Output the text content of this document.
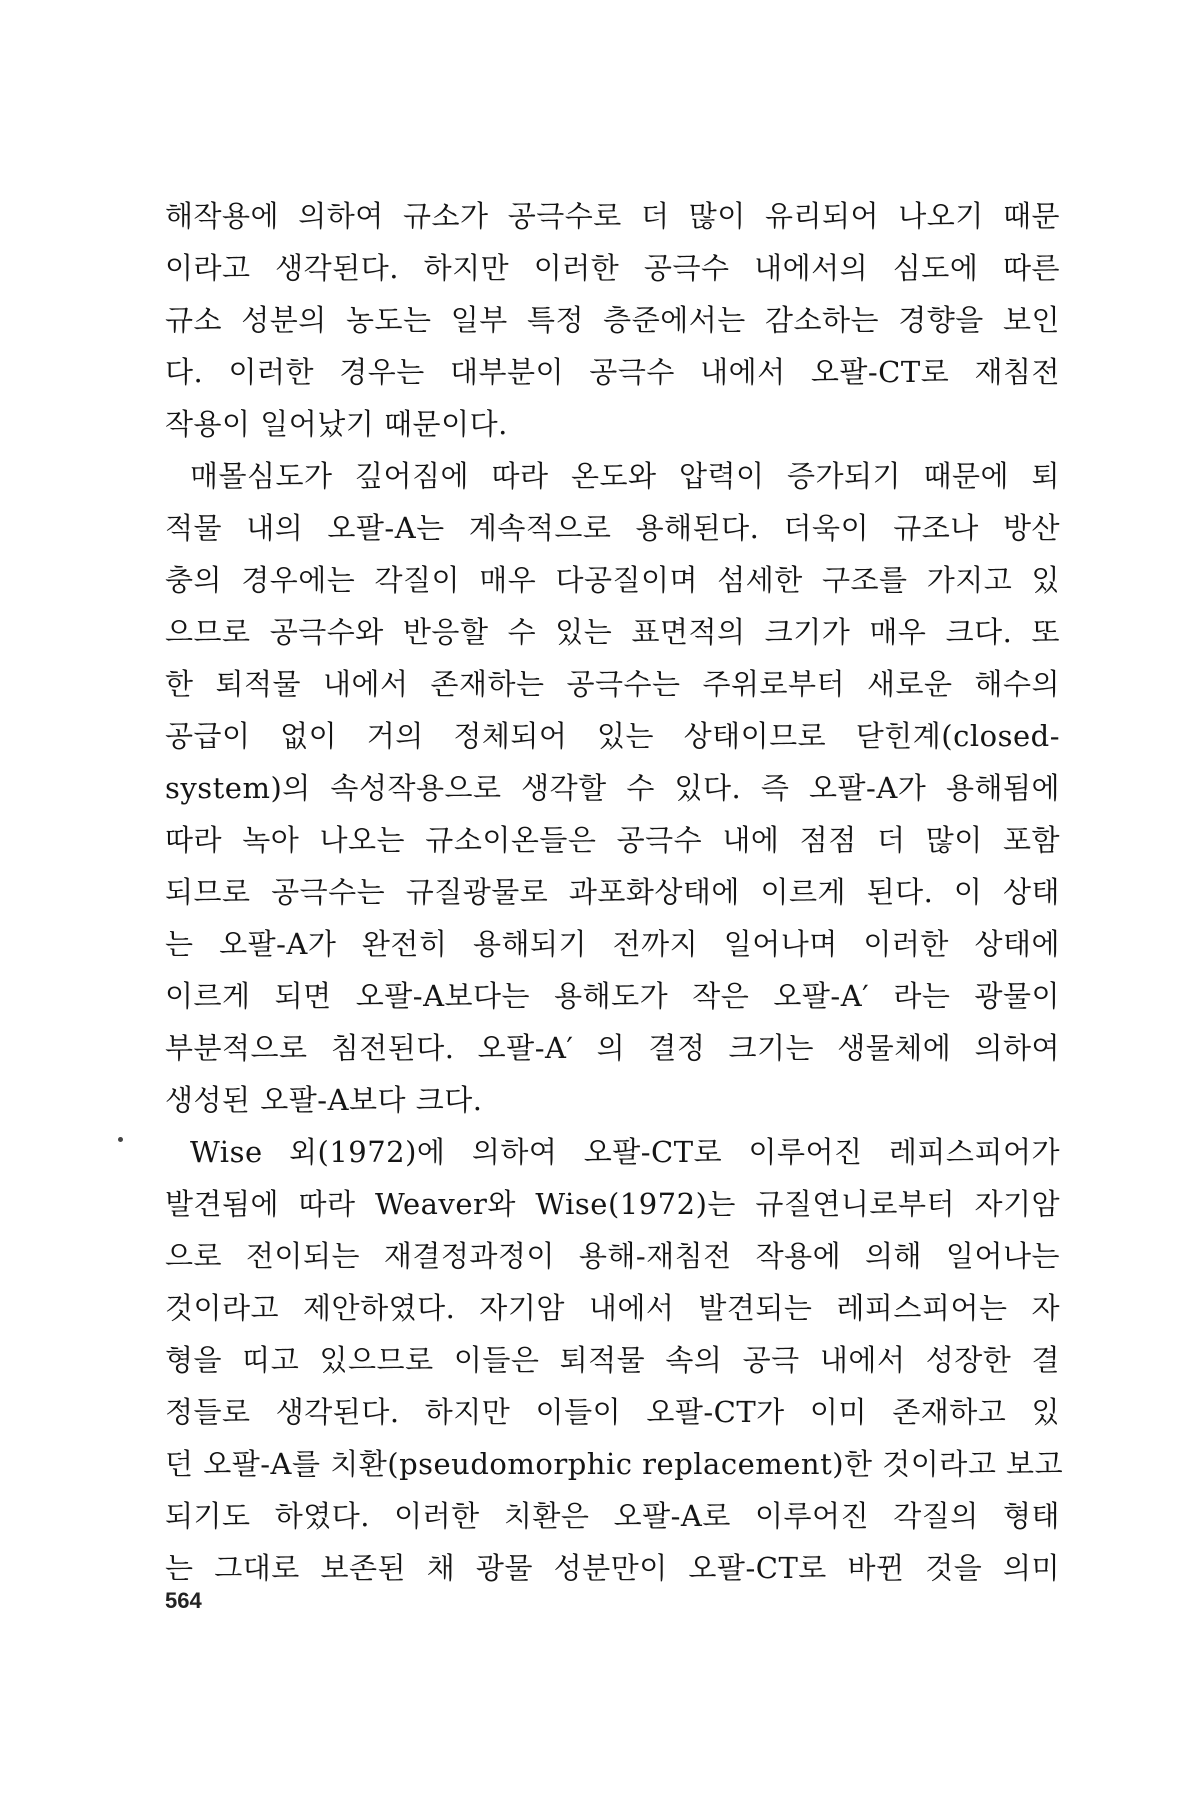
해작용에 의하여 규소가 공극수로 더 많이 유리되어 나오기 때문
이라고 생각된다. 하지만 이러한 공극수 내에서의 심도에 따른
규소 성분의 농도는 일부 특정 층준에서는 감소하는 경향을 보인
다. 이러한 경우는 대부분이 공극수 내에서 오팔-CT로 재침전
작용이 일어났기 때문이다.
매몰심도가 깊어짐에 따라 온도와 압력이 증가되기 때문에 퇴
적물 내의 오팔-A는 계속적으로 용해된다. 더욱이 규조나 방산
충의 경우에는 각질이 매우 다공질이며 섬세한 구조를 가지고 있
으므로 공극수와 반응할 수 있는 표면적의 크기가 매우 크다. 또
한 퇴적물 내에서 존재하는 공극수는 주위로부터 새로운 해수의
공급이 없이 거의 정체되어 있는 상태이므로 닫힌계(closed-
system)의 속성작용으로 생각할 수 있다. 즉 오팔-A가 용해됨에
따라 녹아 나오는 규소이온들은 공극수 내에 점점 더 많이 포함
되므로 공극수는 규질광물로 과포화상태에 이르게 된다. 이 상태
는 오팔-A가 완전히 용해되기 전까지 일어나며 이러한 상태에
이르게 되면 오팔-A보다는 용해도가 작은 오팔-A′ 라는 광물이
부분적으로 침전된다. 오팔-A′ 의 결정 크기는 생물체에 의하여
생성된 오팔-A보다 크다.
Wise 외(1972)에 의하여 오팔-CT로 이루어진 레피스피어가
발견됨에 따라 Weaver와 Wise(1972)는 규질연니로부터 자기암
으로 전이되는 재결정과정이 용해-재침전 작용에 의해 일어나는
것이라고 제안하였다. 자기암 내에서 발견되는 레피스피어는 자
형을 띠고 있으므로 이들은 퇴적물 속의 공극 내에서 성장한 결
정들로 생각된다. 하지만 이들이 오팔-CT가 이미 존재하고 있
던 오팔-A를 치환(pseudomorphic replacement)한 것이라고 보고
되기도 하였다. 이러한 치환은 오팔-A로 이루어진 각질의 형태
는 그대로 보존된 채 광물 성분만이 오팔-CT로 바뀐 것을 의미
564
